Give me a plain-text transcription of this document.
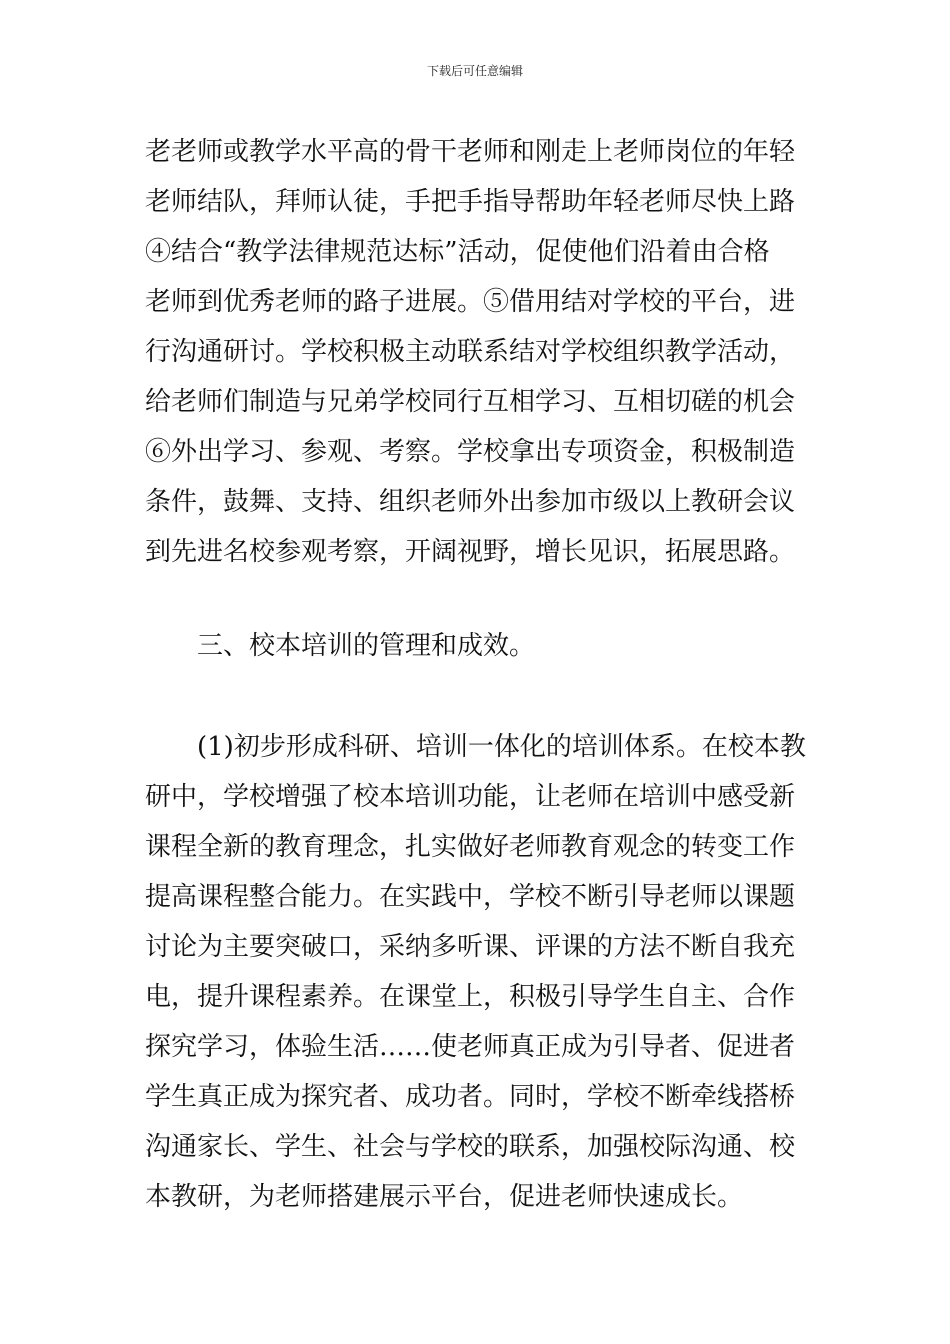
下载后可任意编辑
老老师或教学水平高的骨干老师和刚走上老师岗位的年轻
老师结队，拜师认徒，手把手指导帮助年轻老师尽快上路
④结合“教学法律规范达标”活动，促使他们沿着由合格
老师到优秀老师的路子进展。⑤借用结对学校的平台，进
行沟通研讨。学校积极主动联系结对学校组织教学活动，
给老师们制造与兄弟学校同行互相学习、互相切磋的机会
⑥外出学习、参观、考察。学校拿出专项资金，积极制造
条件，鼓舞、支持、组织老师外出参加市级以上教研会议
到先进名校参观考察，开阔视野，增长见识，拓展思路。
三、校本培训的管理和成效。
(1)初步形成科研、培训一体化的培训体系。在校本教
研中，学校增强了校本培训功能，让老师在培训中感受新
课程全新的教育理念，扎实做好老师教育观念的转变工作
提高课程整合能力。在实践中，学校不断引导老师以课题
讨论为主要突破口，采纳多听课、评课的方法不断自我充
电，提升课程素养。在课堂上，积极引导学生自主、合作
探究学习，体验生活……使老师真正成为引导者、促进者
学生真正成为探究者、成功者。同时，学校不断牵线搭桥
沟通家长、学生、社会与学校的联系，加强校际沟通、校
本教研，为老师搭建展示平台，促进老师快速成长。
